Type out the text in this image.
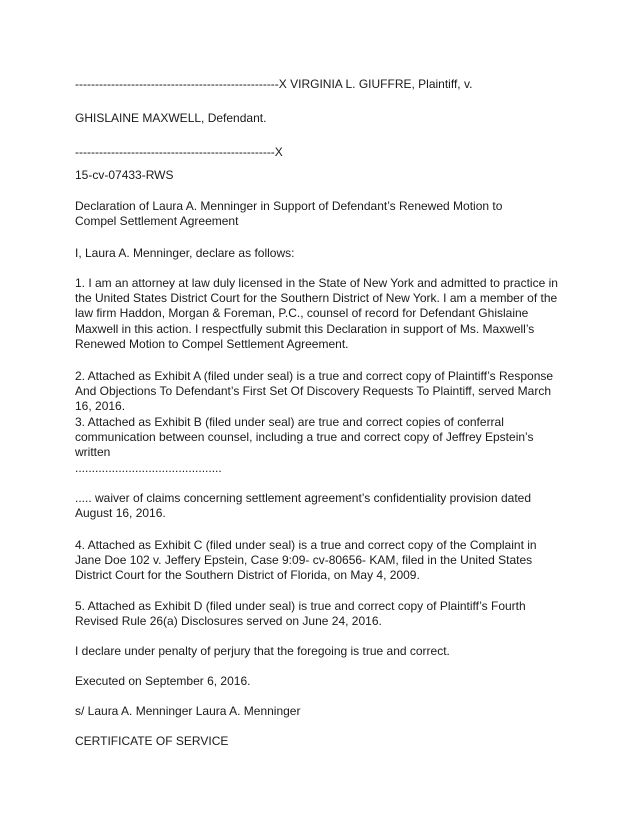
---------------------------------------------------X VIRGINIA L. GIUFFRE, Plaintiff, v.

GHISLAINE MAXWELL, Defendant.

--------------------------------------------------X

15-cv-07433-RWS

Declaration of Laura A. Menninger in Support of Defendant’s Renewed Motion to Compel Settlement Agreement

I, Laura A. Menninger, declare as follows:

1. I am an attorney at law duly licensed in the State of New York and admitted to practice in the United States District Court for the Southern District of New York. I am a member of the law firm Haddon, Morgan & Foreman, P.C., counsel of record for Defendant Ghislaine Maxwell in this action. I respectfully submit this Declaration in support of Ms. Maxwell’s Renewed Motion to Compel Settlement Agreement.

2. Attached as Exhibit A (filed under seal) is a true and correct copy of Plaintiff’s Response And Objections To Defendant’s First Set Of Discovery Requests To Plaintiff, served March 16, 2016.

3. Attached as Exhibit B (filed under seal) are true and correct copies of conferral communication between counsel, including a true and correct copy of Jeffrey Epstein’s written

............................................

..... waiver of claims concerning settlement agreement’s confidentiality provision dated August 16, 2016.

4. Attached as Exhibit C (filed under seal) is a true and correct copy of the Complaint in Jane Doe 102 v. Jeffery Epstein, Case 9:09- cv-80656- KAM, filed in the United States District Court for the Southern District of Florida, on May 4, 2009.

5. Attached as Exhibit D (filed under seal) is true and correct copy of Plaintiff’s Fourth Revised Rule 26(a) Disclosures served on June 24, 2016.

I declare under penalty of perjury that the foregoing is true and correct.

Executed on September 6, 2016.

s/ Laura A. Menninger Laura A. Menninger

CERTIFICATE OF SERVICE
